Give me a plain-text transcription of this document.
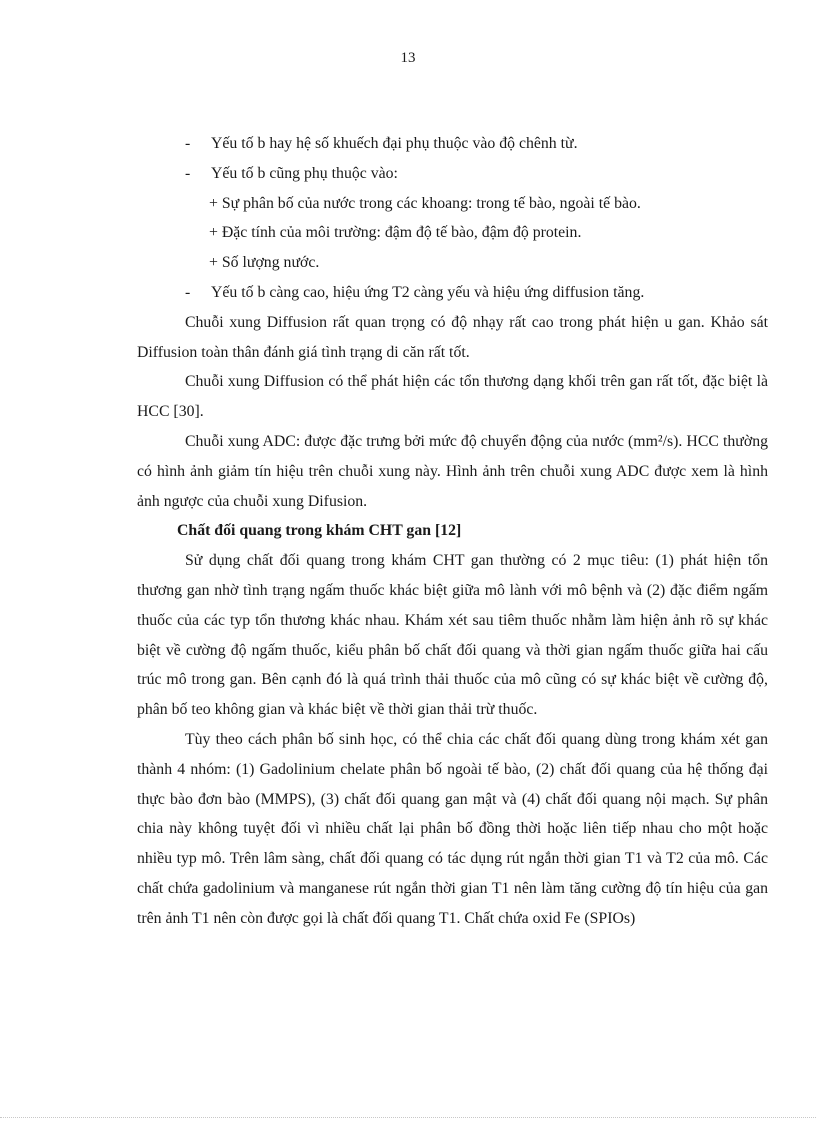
13

- Yếu tố b hay hệ số khuếch đại phụ thuộc vào độ chênh từ.

- Yếu tố b cũng phụ thuộc vào:

+ Sự phân bố của nước trong các khoang: trong tế bào, ngoài tế bào.

+ Đặc tính của môi trường: đậm độ tế bào, đậm độ protein.

+ Số lượng nước.

- Yếu tố b càng cao, hiệu ứng T2 càng yếu và hiệu ứng diffusion tăng.

Chuỗi xung Diffusion rất quan trọng có độ nhạy rất cao trong phát hiện u gan. Khảo sát Diffusion toàn thân đánh giá tình trạng di căn rất tốt.

Chuỗi xung Diffusion có thể phát hiện các tổn thương dạng khối trên gan rất tốt, đặc biệt là HCC [30].

Chuỗi xung ADC: được đặc trưng bởi mức độ chuyển động của nước (mm²/s). HCC thường có hình ảnh giảm tín hiệu trên chuỗi xung này. Hình ảnh trên chuỗi xung ADC được xem là hình ảnh ngược của chuỗi xung Difusion.

Chất đối quang trong khám CHT gan [12]

Sử dụng chất đối quang trong khám CHT gan thường có 2 mục tiêu: (1) phát hiện tổn thương gan nhờ tình trạng ngấm thuốc khác biệt giữa mô lành với mô bệnh và (2) đặc điểm ngấm thuốc của các typ tổn thương khác nhau. Khám xét sau tiêm thuốc nhằm làm hiện ảnh rõ sự khác biệt về cường độ ngấm thuốc, kiểu phân bố chất đối quang và thời gian ngấm thuốc giữa hai cấu trúc mô trong gan. Bên cạnh đó là quá trình thải thuốc của mô cũng có sự khác biệt về cường độ, phân bố teo không gian và khác biệt về thời gian thải trừ thuốc.

Tùy theo cách phân bố sinh học, có thể chia các chất đối quang dùng trong khám xét gan thành 4 nhóm: (1) Gadolinium chelate phân bố ngoài tế bào, (2) chất đối quang của hệ thống đại thực bào đơn bào (MMPS), (3) chất đối quang gan mật và (4) chất đối quang nội mạch. Sự phân chia này không tuyệt đối vì nhiều chất lại phân bố đồng thời hoặc liên tiếp nhau cho một hoặc nhiều typ mô. Trên lâm sàng, chất đối quang có tác dụng rút ngắn thời gian T1 và T2 của mô. Các chất chứa gadolinium và manganese rút ngắn thời gian T1 nên làm tăng cường độ tín hiệu của gan trên ảnh T1 nên còn được gọi là chất đối quang T1. Chất chứa oxid Fe (SPIOs)
